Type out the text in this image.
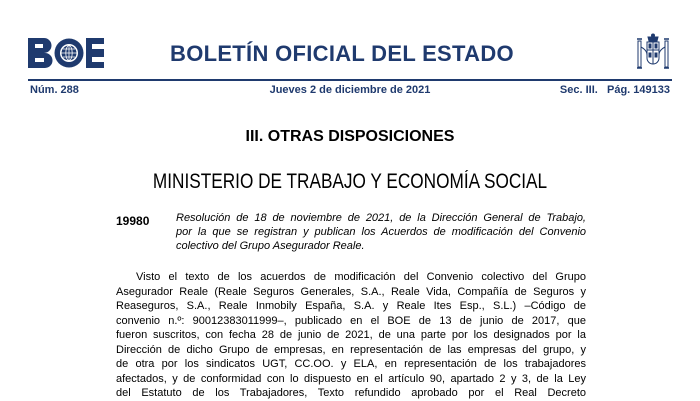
BOLETÍN OFICIAL DEL ESTADO
Núm. 288	Jueves 2 de diciembre de 2021	Sec. III.   Pág. 149133
III. OTRAS DISPOSICIONES
MINISTERIO DE TRABAJO Y ECONOMÍA SOCIAL
19980 Resolución de 18 de noviembre de 2021, de la Dirección General de Trabajo,
por la que se registran y publican los Acuerdos de modificación del Convenio
colectivo del Grupo Asegurador Reale.
Visto el texto de los acuerdos de modificación del Convenio colectivo del Grupo
Asegurador Reale (Reale Seguros Generales, S.A., Reale Vida, Compañía de Seguros y
Reaseguros, S.A., Reale Inmobily España, S.A. y Reale Ites Esp., S.L.) –Código de
convenio n.º: 90012383011999–, publicado en el BOE de 13 de junio de 2017, que
fueron suscritos, con fecha 28 de junio de 2021, de una parte por los designados por la
Dirección de dicho Grupo de empresas, en representación de las empresas del grupo, y
de otra por los sindicatos UGT, CC.OO. y ELA, en representación de los trabajadores
afectados, y de conformidad con lo dispuesto en el artículo 90, apartado 2 y 3, de la Ley
del Estatuto de los Trabajadores, Texto refundido aprobado por el Real Decreto
